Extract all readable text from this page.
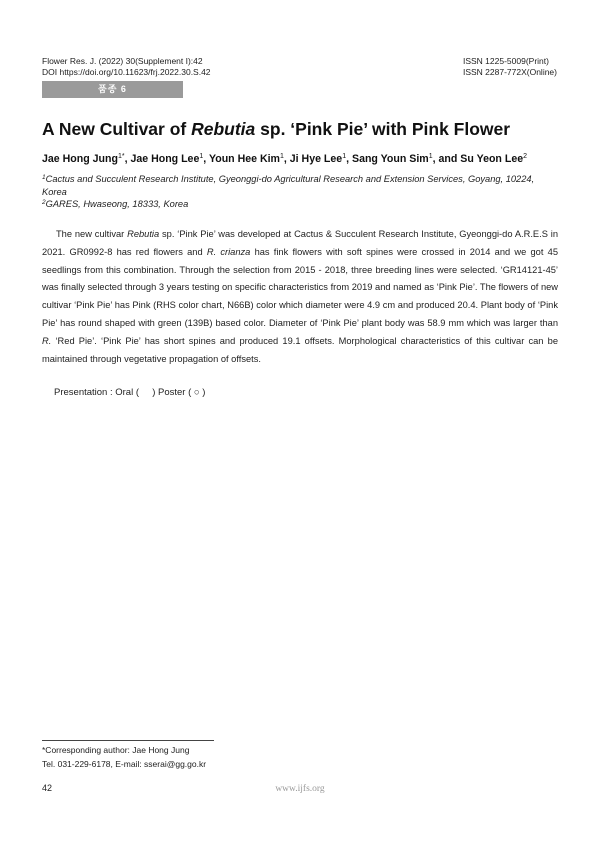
Flower Res. J. (2022) 30(Supplement I):42
DOI https://doi.org/10.11623/frj.2022.30.S.42
ISSN 1225-5009(Print)
ISSN 2287-772X(Online)
품종 6
A New Cultivar of Rebutia sp. ‘Pink Pie’ with Pink Flower
Jae Hong Jung$^{1*}$, Jae Hong Lee$^1$, Youn Hee Kim$^1$, Ji Hye Lee$^1$, Sang Youn Sim$^1$, and Su Yeon Lee$^2$
$^1$Cactus and Succulent Research Institute, Gyeonggi-do Agricultural Research and Extension Services, Goyang, 10224, Korea
$^2$GARES, Hwaseong, 18333, Korea
The new cultivar Rebutia sp. ‘Pink Pie’ was developed at Cactus & Succulent Research Institute, Gyeonggi-do A.R.E.S in 2021. GR0992-8 has red flowers and R. crianza has fink flowers with soft spines were crossed in 2014 and we got 45 seedlings from this combination. Through the selection from 2015 - 2018, three breeding lines were selected. ‘GR14121-45’ was finally selected through 3 years testing on specific characteristics from 2019 and named as ‘Pink Pie’. The flowers of new cultivar ‘Pink Pie’ has Pink (RHS color chart, N66B) color which diameter were 4.9 cm and produced 20.4. Plant body of ‘Pink Pie’ has round shaped with green (139B) based color. Diameter of ‘Pink Pie’ plant body was 58.9 mm which was larger than R. ‘Red Pie’. ‘Pink Pie’ has short spines and produced 19.1 offsets. Morphological characteristics of this cultivar can be maintained through vegetative propagation of offsets.
Presentation : Oral (     ) Poster ( ○ )
*Corresponding author: Jae Hong Jung
Tel. 031-229-6178, E-mail: sserai@gg.go.kr
42	www.ijfs.org
